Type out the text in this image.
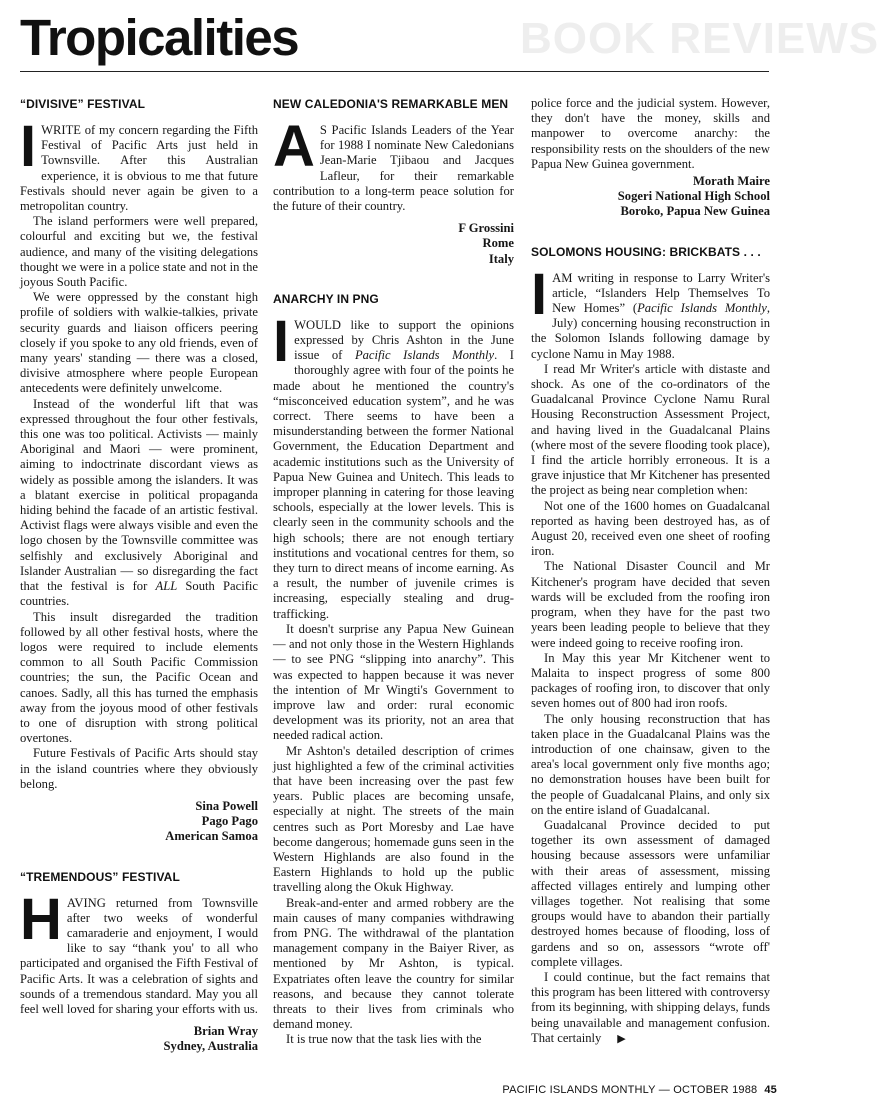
Tropicalities	BOOK REVIEWS
“DIVISIVE” FESTIVAL

IWRITE of my concern regarding the Fifth Festival of Pacific Arts just held in Townsville. After this Australian experience, it is obvious to me that future Festivals should never again be given to a metropolitan country.

The island performers were well prepared, colourful and exciting but we, the festival audience, and many of the visiting delegations thought we were in a police state and not in the joyous South Pacific.

We were oppressed by the constant high profile of soldiers with walkie-talkies, private security guards and liaison officers peering closely if you spoke to any old friends, even of many years' standing — there was a closed, divisive atmosphere where people European antecedents were definitely unwelcome.

Instead of the wonderful lift that was expressed throughout the four other festivals, this one was too political. Activists — mainly Aboriginal and Maori — were prominent, aiming to indoctrinate discordant views as widely as possible among the islanders. It was a blatant exercise in political propaganda hiding behind the facade of an artistic festival. Activist flags were always visible and even the logo chosen by the Townsville committee was selfishly and exclusively Aboriginal and Islander Australian — so disregarding the fact that the festival is for ALL South Pacific countries.

This insult disregarded the tradition followed by all other festival hosts, where the logos were required to include elements common to all South Pacific Commission countries; the sun, the Pacific Ocean and canoes. Sadly, all this has turned the emphasis away from the joyous mood of other festivals to one of disruption with strong political overtones.

Future Festivals of Pacific Arts should stay in the island countries where they obviously belong.

Sina Powell
Pago Pago
American Samoa
“TREMENDOUS” FESTIVAL

HAVING returned from Townsville after two weeks of wonderful camaraderie and enjoyment, I would like to say “thank you' to all who participated and organised the Fifth Festival of Pacific Arts. It was a celebration of sights and sounds of a tremendous standard. May you all feel well loved for sharing your efforts with us.

Brian Wray
Sydney, Australia
NEW CALEDONIA'S REMARKABLE MEN

A S Pacific Islands Leaders of the Year for 1988 I nominate New Caledonians Jean-Marie Tjibaou and Jacques Lafleur, for their remarkable contribution to a long-term peace solution for the future of their country.

F Grossini
Rome
Italy
ANARCHY IN PNG

IWOULD like to support the opinions expressed by Chris Ashton in the June issue of Pacific Islands Monthly. I thoroughly agree with four of the points he made about he mentioned the country's “misconceived education system”, and he was correct. There seems to have been a misunderstanding between the former National Government, the Education Department and academic institutions such as the University of Papua New Guinea and Unitech. This leads to improper planning in catering for those leaving schools, especially at the lower levels. This is clearly seen in the community schools and the high schools; there are not enough tertiary institutions and vocational centres for them, so they turn to direct means of income earning. As a result, the number of juvenile crimes is increasing, especially stealing and drug-trafficking.

It doesn't surprise any Papua New Guinean — and not only those in the Western Highlands — to see PNG “slipping into anarchy”. This was expected to happen because it was never the intention of Mr Wingti's Government to improve law and order: rural economic development was its priority, not an area that needed radical action.

Mr Ashton's detailed description of crimes just highlighted a few of the criminal activities that have been increasing over the past few years. Public places are becoming unsafe, especially at night. The streets of the main centres such as Port Moresby and Lae have become dangerous; homemade guns seen in the Western Highlands are also found in the Eastern Highlands to hold up the public travelling along the Okuk Highway.

Break-and-enter and armed robbery are the main causes of many companies withdrawing from PNG. The withdrawal of the plantation management company in the Baiyer River, as mentioned by Mr Ashton, is typical. Expatriates often leave the country for similar reasons, and because they cannot tolerate threats to their lives from criminals who demand money.

It is true now that the task lies with the

police force and the judicial system. However, they don't have the money, skills and manpower to overcome anarchy: the responsibility rests on the shoulders of the new Papua New Guinea government.

Morath Maire
Sogeri National High School
Boroko, Papua New Guinea
SOLOMONS HOUSING: BRICKBATS . . .

IAM writing in response to Larry Writer's article, “Islanders Help Themselves To New Homes” (Pacific Islands Monthly, July) concerning housing reconstruction in the Solomon Islands following damage by cyclone Namu in May 1988.

I read Mr Writer's article with distaste and shock. As one of the co-ordinators of the Guadalcanal Province Cyclone Namu Rural Housing Reconstruction Assessment Project, and having lived in the Guadalcanal Plains (where most of the severe flooding took place), I find the article horribly erroneous. It is a grave injustice that Mr Kitchener has presented the project as being near completion when:

Not one of the 1600 homes on Guadalcanal reported as having been destroyed has, as of August 20, received even one sheet of roofing iron.

The National Disaster Council and Mr Kitchener's program have decided that seven wards will be excluded from the roofing iron program, when they have for the past two years been leading people to believe that they were indeed going to receive roofing iron.

In May this year Mr Kitchener went to Malaita to inspect progress of some 800 packages of roofing iron, to discover that only seven homes out of 800 had iron roofs.

The only housing reconstruction that has taken place in the Guadalcanal Plains was the introduction of one chainsaw, given to the area's local government only five months ago; no demonstration houses have been built for the people of Guadalcanal Plains, and only six on the entire island of Guadalcanal.

Guadalcanal Province decided to put together its own assessment of damaged housing because assessors were unfamiliar with their areas of assessment, missing affected villages entirely and lumping other villages together. Not realising that some groups would have to abandon their partially destroyed homes because of flooding, loss of gardens and so on, assessors “wrote off' complete villages.

I could continue, but the fact remains that this program has been littered with controversy from its beginning, with shipping delays, funds being unavailable and management confusion. That certainly ▶

PACIFIC ISLANDS MONTHLY — OCTOBER 1988 45
